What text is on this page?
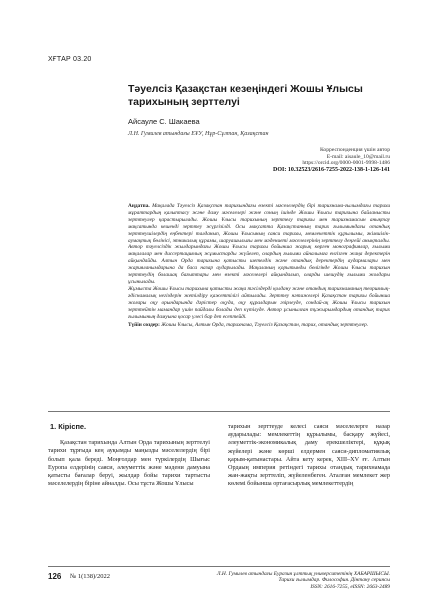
ХҒТАР 03.20
Тәуелсіз Қазақстан кезеңіндегі Жошы Ұлысы тарихының зерттелуі
Айсаулe С. Шакаева
Л.Н. Гумилев атындағы ЕҰУ, Нұр-Сұлтан, Қазақстан
Корреспонденция үшін автор
E-mail: aisaule_10@mail.ru
https://orcid.org/0000-0001-9998-1486
DOI: 10.32523/2616-7255-2022-138-1-126-141

Аңдатпа. Мақалада Тәуелсіз Қазақстан тарихындағы өзекті мәселелердің бірі тарихнама-ғылымдағы тарихи мұраттардың қалыптасу және даму мәселелері және соның ішінде Жошы Ұлысы тарихына байланысты зерттеулер қарастырылады. Жошы Ұлысы тарихының зерттелу тарихы мен тарихнамасын анықтау мақсатында кешенді зерттеу жүргізілді. Осы мақсатта Қазақстанның тарих ғылымындағы отандық зерттеушілердің еңбектері талданып, Жошы Ұлысының саяси тарихы, мемлекеттік құрылымы, әкімшілік-аумақтық бөлінісі, этникалық құрамы, шаруашылығы мен мәдениеті мәселелерінің зерттелу деңгейі анықталды. Автор тәуелсіздік жылдарындағы Жошы Ұлысы тарихы бойынша жарық көрген монографиялар, ғылыми мақалалар мен диссертациялық жұмыстарды жүйелеп, олардың ғылыми айналымға енгізген жаңа деректерін айқындайды. Алтын Орда тарихына қатысты шетелдік және отандық деректердің аудармалары мен жарияланымдарына да баса назар аударылады. Мақаланың қорытынды бөлігінде Жошы Ұлысы тарихын зерттеудің болашақ бағыттары мен өзекті мәселелері айқындалып, оларды шешудің ғылыми жолдары ұсынылады.

Жұмыста Жошы Ұлысы тарихына қатысты жаңа тәсілдерді қолдану және отандық тарихнаманың теориялық-әдіснамалық негіздерін жетілдіру қажеттілігі айтылады. Зерттеу нәтижелері Қазақстан тарихы бойынша жоғары оқу орындарында дәрістер оқуда, оқу құралдарын әзірлеуде, сондай-ақ Жошы Ұлысы тарихын зерттейтін мамандар үшін пайдалы болады деп күтілуде. Автор ұсынылған тұжырымдардың отандық тарих ғылымының дамуына қосар үлесі бар деп есептейді.

Түйін сөздер: Жошы Ұлысы, Алтын Орда, тарихнама, Тәуелсіз Қазақстан, тарих, отандық зерттеулер.

1. Кіріспе.

Қазақстан тарихында Алтын Орда тарихының зерттелуі тарихи тұрғыда кең ауқымды маңызды мәселелердің бірі болып қала береді. Моңғолдар мен түркілердің Шығыс Еуропа елдерінің саяси, әлеуметтік және мәдени дамуына қатысты бағалар беруі, жылдар бойы тарихи тартысты мәселелердің біріне айналды. Осы тұста Жошы Ұлысы

тарихын зерттеуде келесі саяси мәселелерге назар аударылады: мемлекеттің құрылымы, басқару жүйесі, әлеуметтік-экономикалық даму ерекшеліктері, құқық жүйелері және көрші елдермен саяси-дипломатиялық қарым-қатынастары. Айта кету керек, XIII–XV ғғ. Алтын Ордаың империя ретіндегі тарихы отандық тарихнамада жан-жақты зерттеліп, жүйеленбеген. Аталған мемлекет жер көлемі бойынша ортағасырлық мемлекеттердің

126 № 1(138)/2022	Л.Н. Гумилев атындағы Еуразия ұлттық университетінің ХАБАРШЫСЫ.
Тарихи ғылымдар. Философия. Дінтану сериясы
ISSN: 2616-7255, eISSN: 2663-2489
